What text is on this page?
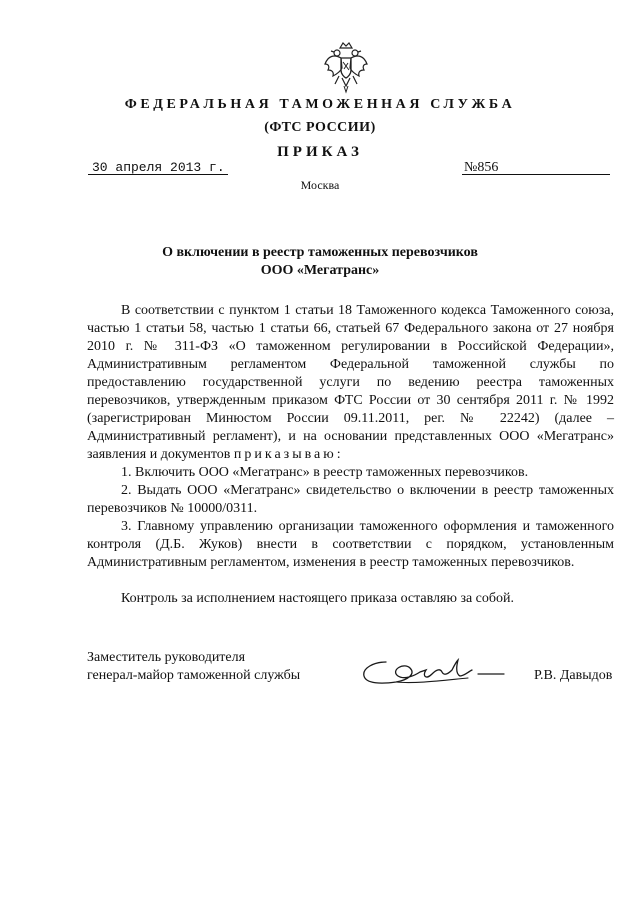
ФЕДЕРАЛЬНАЯ ТАМОЖЕННАЯ СЛУЖБА
(ФТС РОССИИ)
ПРИКАЗ
30 апреля 2013 г.	№856
Москва
О включении в реестр таможенных перевозчиков
ООО «Мегатранс»

В соответствии с пунктом 1 статьи 18 Таможенного кодекса Таможенного союза, частью 1 статьи 58, частью 1 статьи 66, статьей 67 Федерального закона от 27 ноября 2010 г. № 311-ФЗ «О таможенном регулировании в Российской Федерации», Административным регламентом Федеральной таможенной службы по предоставлению государственной услуги по ведению реестра таможенных перевозчиков, утвержденным приказом ФТС России от 30 сентября 2011 г. № 1992 (зарегистрирован Минюстом России 09.11.2011, рег. № 22242) (далее – Административный регламент), и на основании представленных ООО «Мегатранс» заявления и документов приказываю:

1. Включить ООО «Мегатранс» в реестр таможенных перевозчиков.

2. Выдать ООО «Мегатранс» свидетельство о включении в реестр таможенных перевозчиков № 10000/0311.

3. Главному управлению организации таможенного оформления и таможенного контроля (Д.Б. Жуков) внести в соответствии с порядком, установленным Административным регламентом, изменения в реестр таможенных перевозчиков.

Контроль за исполнением настоящего приказа оставляю за собой.

Заместитель руководителя
генерал-майор таможенной службы	Р.В. Давыдов
